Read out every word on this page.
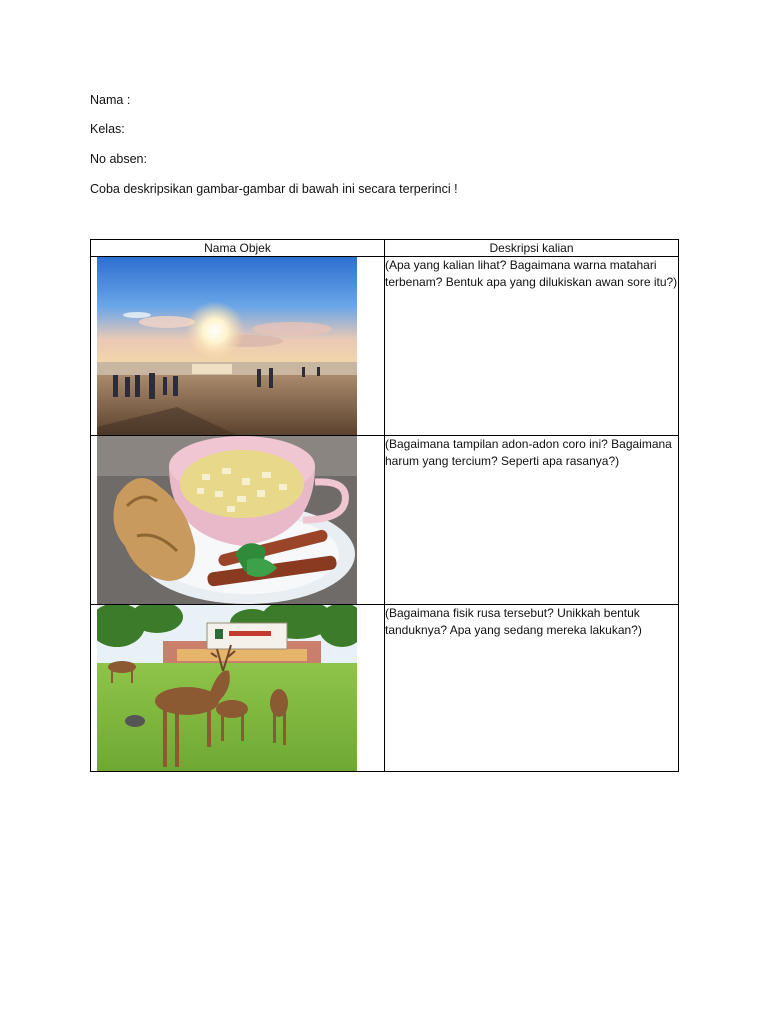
Nama :
Kelas:
No absen:
Coba deskripsikan gambar-gambar di bawah ini secara terperinci !
Nama Objek	Deskripsi kalian

	(Apa yang kalian lihat? Bagaimana warna matahari terbenam? Bentuk apa yang dilukiskan awan sore itu?)

	(Bagaimana tampilan adon-adon coro ini? Bagaimana harum yang tercium? Seperti apa rasanya?)

	(Bagaimana fisik rusa tersebut? Unikkah bentuk tanduknya? Apa yang sedang mereka lakukan?)
